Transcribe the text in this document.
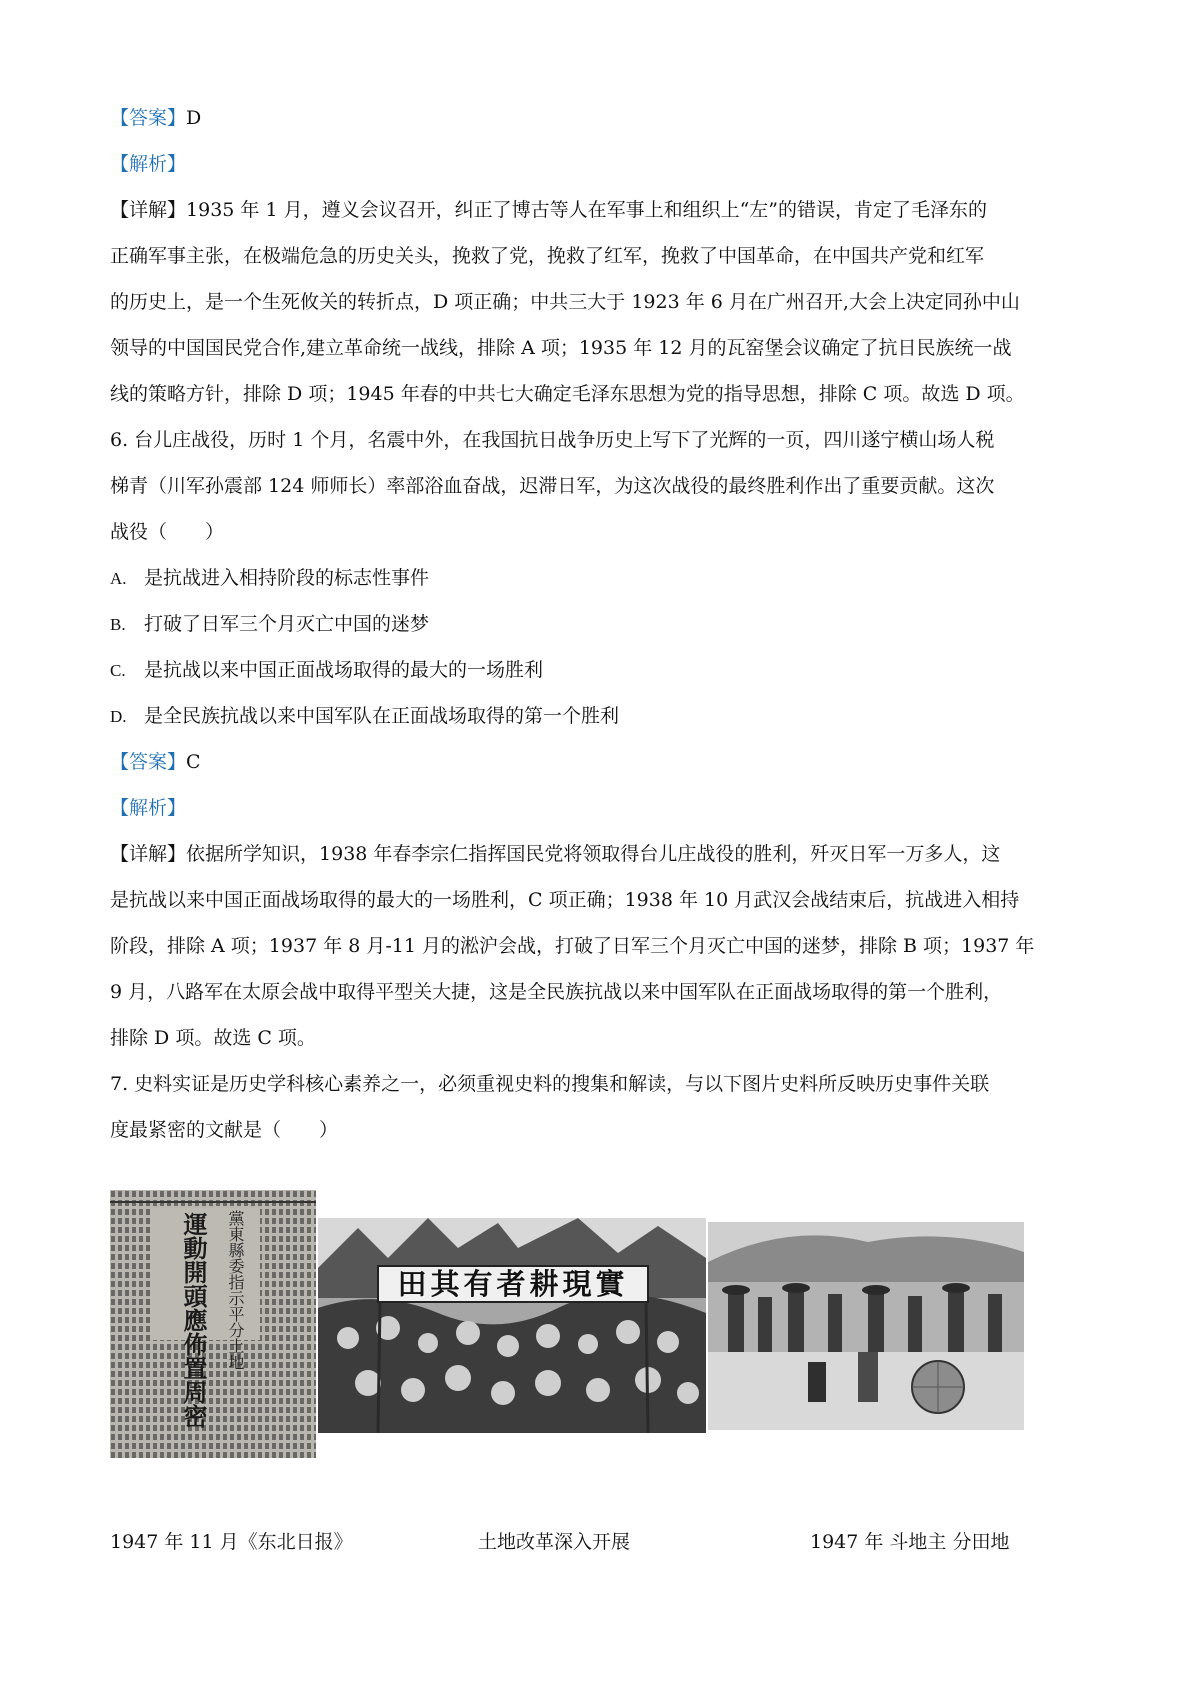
【答案】D
【解析】
【详解】1935 年 1 月，遵义会议召开，纠正了博古等人在军事上和组织上“左”的错误，肯定了毛泽东的
正确军事主张，在极端危急的历史关头，挽救了党，挽救了红军，挽救了中国革命，在中国共产党和红军
的历史上，是一个生死攸关的转折点，D 项正确；中共三大于 1923 年 6 月在广州召开,大会上决定同孙中山
领导的中国国民党合作,建立革命统一战线，排除 A 项；1935 年 12 月的瓦窑堡会议确定了抗日民族统一战
线的策略方针，排除 D 项；1945 年春的中共七大确定毛泽东思想为党的指导思想，排除 C 项。故选 D 项。
6. 台儿庄战役，历时 1 个月，名震中外，在我国抗日战争历史上写下了光辉的一页，四川遂宁横山场人税
梯青（川军孙震部 124 师师长）率部浴血奋战，迟滞日军，为这次战役的最终胜利作出了重要贡献。这次
战役（　　）
A. 是抗战进入相持阶段的标志性事件
B. 打破了日军三个月灭亡中国的迷梦
C. 是抗战以来中国正面战场取得的最大的一场胜利
D. 是全民族抗战以来中国军队在正面战场取得的第一个胜利
【答案】C
【解析】
【详解】依据所学知识，1938 年春李宗仁指挥国民党将领取得台儿庄战役的胜利，歼灭日军一万多人，这
是抗战以来中国正面战场取得的最大的一场胜利，C 项正确；1938 年 10 月武汉会战结束后，抗战进入相持
阶段，排除 A 项；1937 年 8 月-11 月的淞沪会战，打破了日军三个月灭亡中国的迷梦，排除 B 项；1937 年
9 月，八路军在太原会战中取得平型关大捷，这是全民族抗战以来中国军队在正面战场取得的第一个胜利，
排除 D 项。故选 C 项。
7. 史料实证是历史学科核心素养之一，必须重视史料的搜集和解读，与以下图片史料所反映历史事件关联
度最紧密的文献是（　　）
運動開頭應佈置周密	黨東縣委指示平分土地	田其有者耕現實
1947 年 11 月《东北日报》	土地改革深入开展	1947 年 斗地主 分田地
